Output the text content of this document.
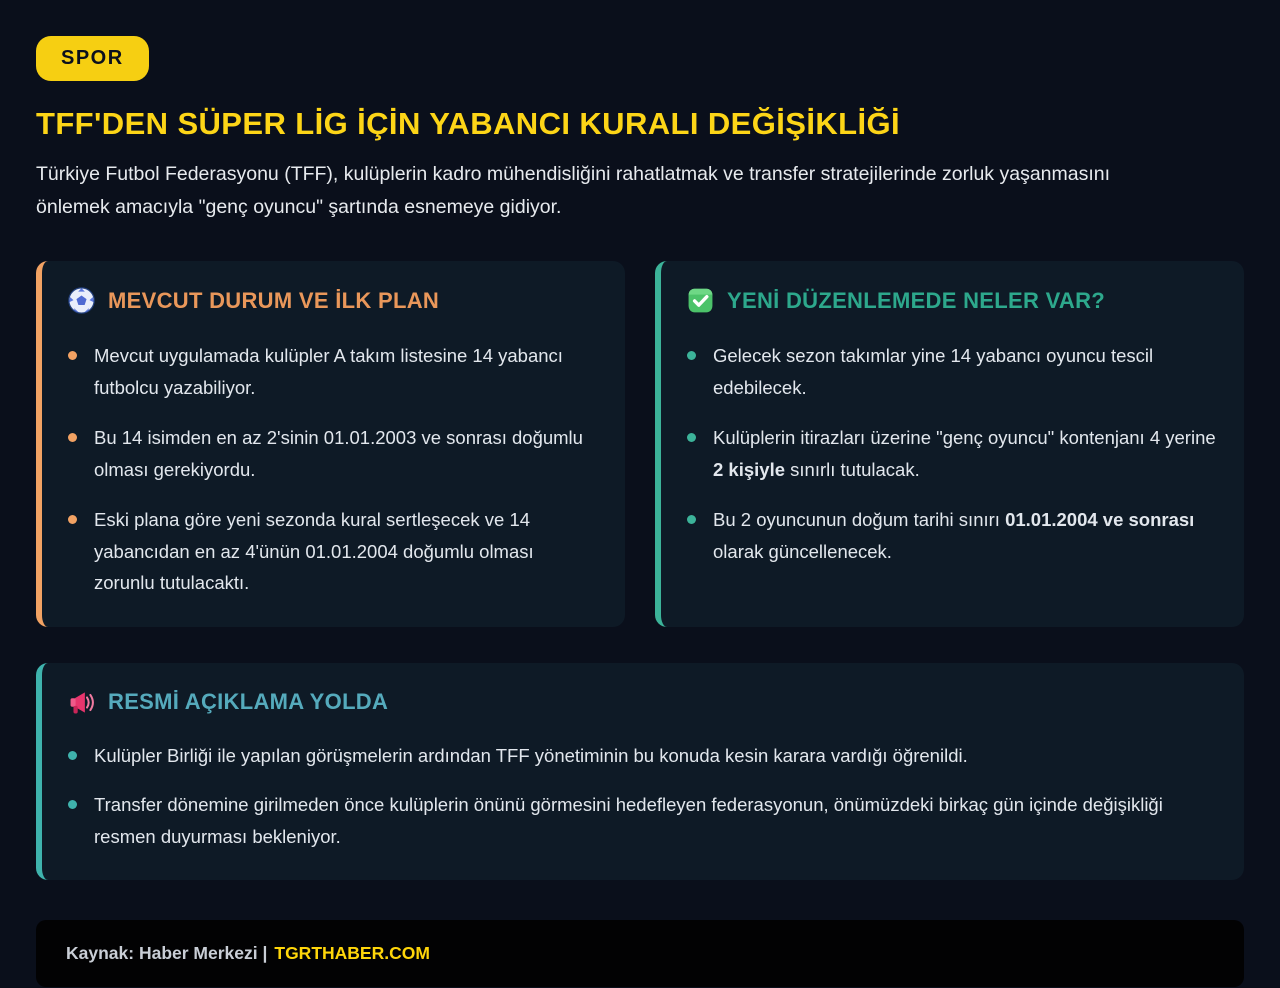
SPOR
TFF'DEN SÜPER LİG İÇİN YABANCI KURALI DEĞİŞİKLİĞİ

Türkiye Futbol Federasyonu (TFF), kulüplerin kadro mühendisliğini rahatlatmak ve transfer stratejilerinde zorluk yaşanmasını önlemek amacıyla "genç oyuncu" şartında esnemeye gidiyor.

MEVCUT DURUM VE İLK PLAN
Mevcut uygulamada kulüpler A takım listesine 14 yabancı futbolcu yazabiliyor.
Bu 14 isimden en az 2'sinin 01.01.2003 ve sonrası doğumlu olması gerekiyordu.
Eski plana göre yeni sezonda kural sertleşecek ve 14 yabancıdan en az 4'ünün 01.01.2004 doğumlu olması zorunlu tutulacaktı.
YENİ DÜZENLEMEDE NELER VAR?
Gelecek sezon takımlar yine 14 yabancı oyuncu tescil edebilecek.
Kulüplerin itirazları üzerine "genç oyuncu" kontenjanı 4 yerine 2 kişiyle sınırlı tutulacak.
Bu 2 oyuncunun doğum tarihi sınırı 01.01.2004 ve sonrası olarak güncellenecek.
RESMİ AÇIKLAMA YOLDA
Kulüpler Birliği ile yapılan görüşmelerin ardından TFF yönetiminin bu konuda kesin karara vardığı öğrenildi.
Transfer dönemine girilmeden önce kulüplerin önünü görmesini hedefleyen federasyonun, önümüzdeki birkaç gün içinde değişikliği resmen duyurması bekleniyor.
Kaynak: Haber Merkezi | TGRTHABER.COM
